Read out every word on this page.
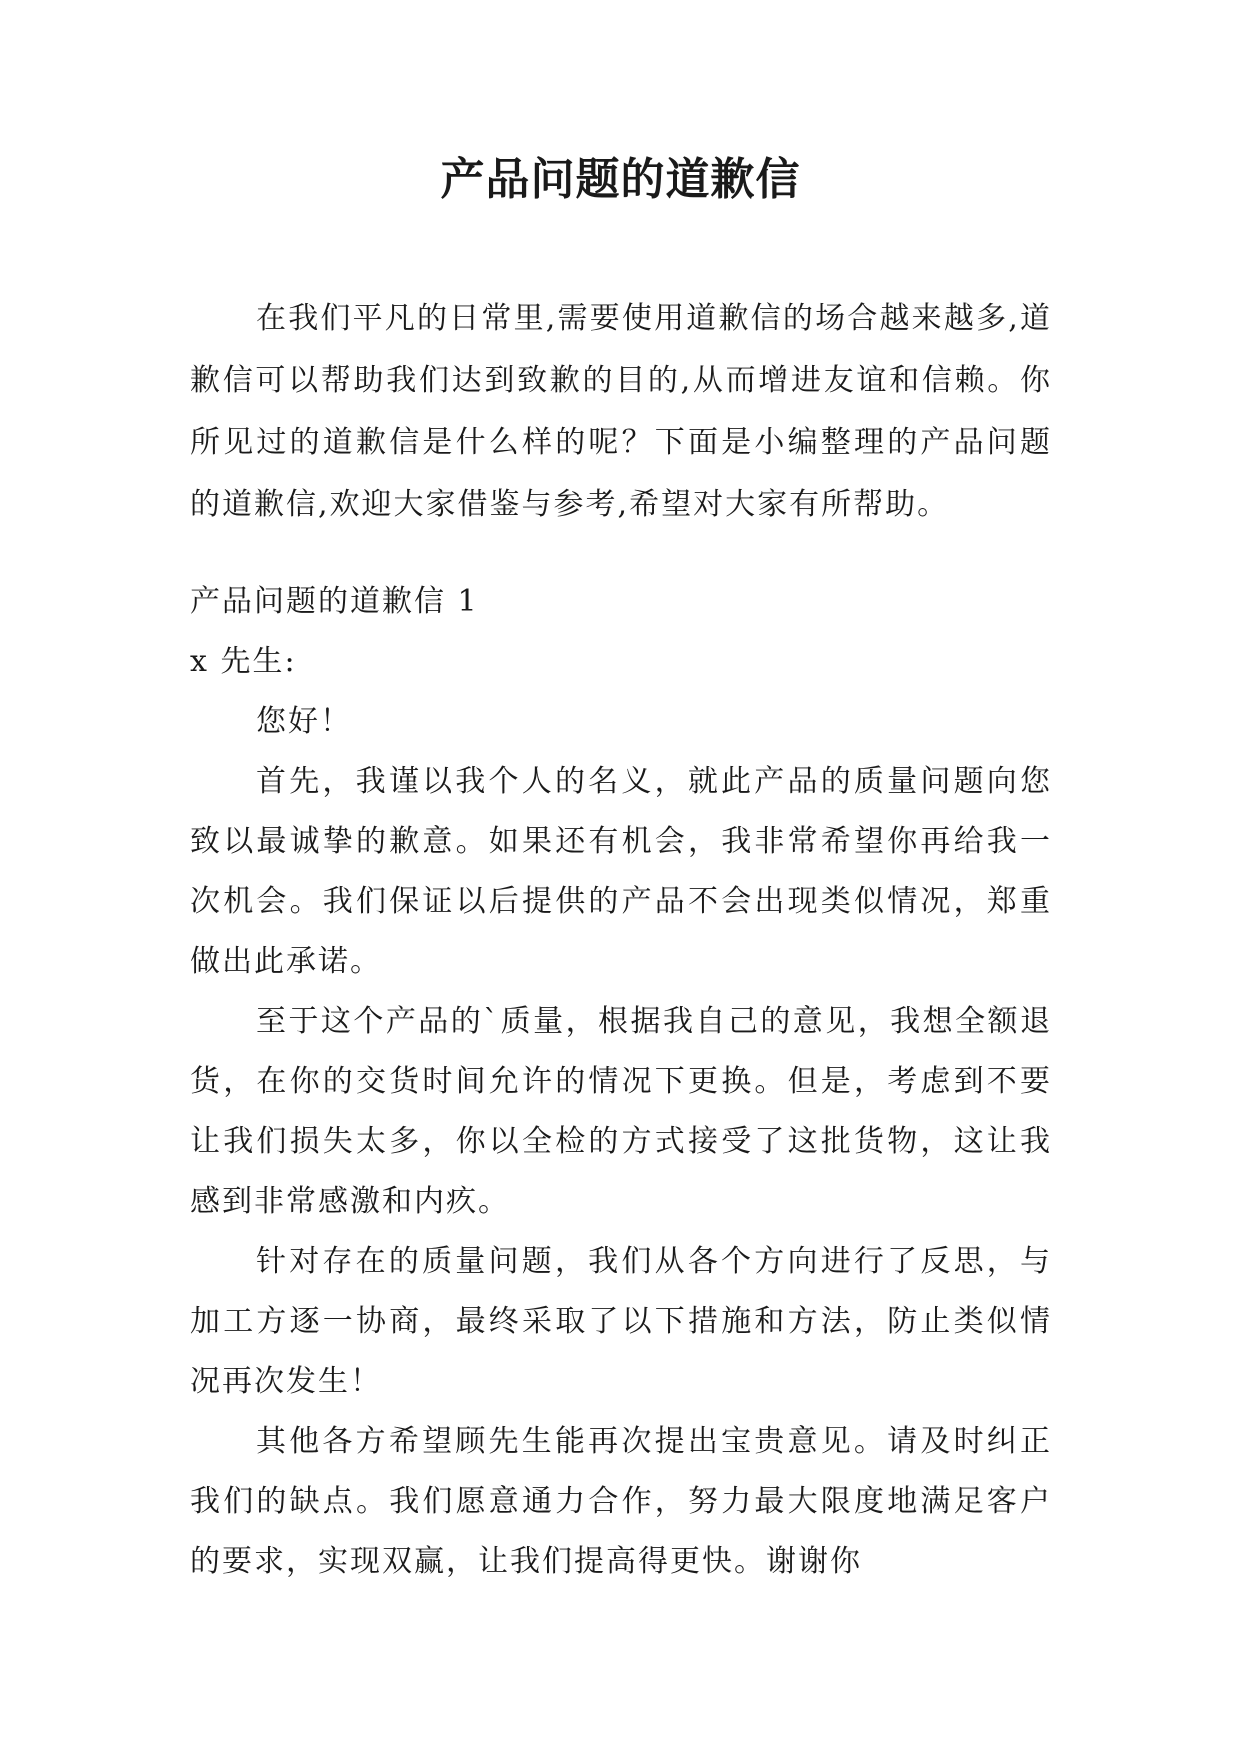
产品问题的道歉信

在我们平凡的日常里,需要使用道歉信的场合越来越多,道歉信可以帮助我们达到致歉的目的,从而增进友谊和信赖。你所见过的道歉信是什么样的呢？下面是小编整理的产品问题的道歉信,欢迎大家借鉴与参考,希望对大家有所帮助。

产品问题的道歉信 1

x 先生:

您好！

首先，我谨以我个人的名义，就此产品的质量问题向您致以最诚挚的歉意。如果还有机会，我非常希望你再给我一次机会。我们保证以后提供的产品不会出现类似情况，郑重做出此承诺。

至于这个产品的`质量，根据我自己的意见，我想全额退货，在你的交货时间允许的情况下更换。但是，考虑到不要让我们损失太多，你以全检的方式接受了这批货物，这让我感到非常感激和内疚。

针对存在的质量问题，我们从各个方向进行了反思，与加工方逐一协商，最终采取了以下措施和方法，防止类似情况再次发生！

其他各方希望顾先生能再次提出宝贵意见。请及时纠正我们的缺点。我们愿意通力合作，努力最大限度地满足客户的要求，实现双赢，让我们提高得更快。谢谢你
